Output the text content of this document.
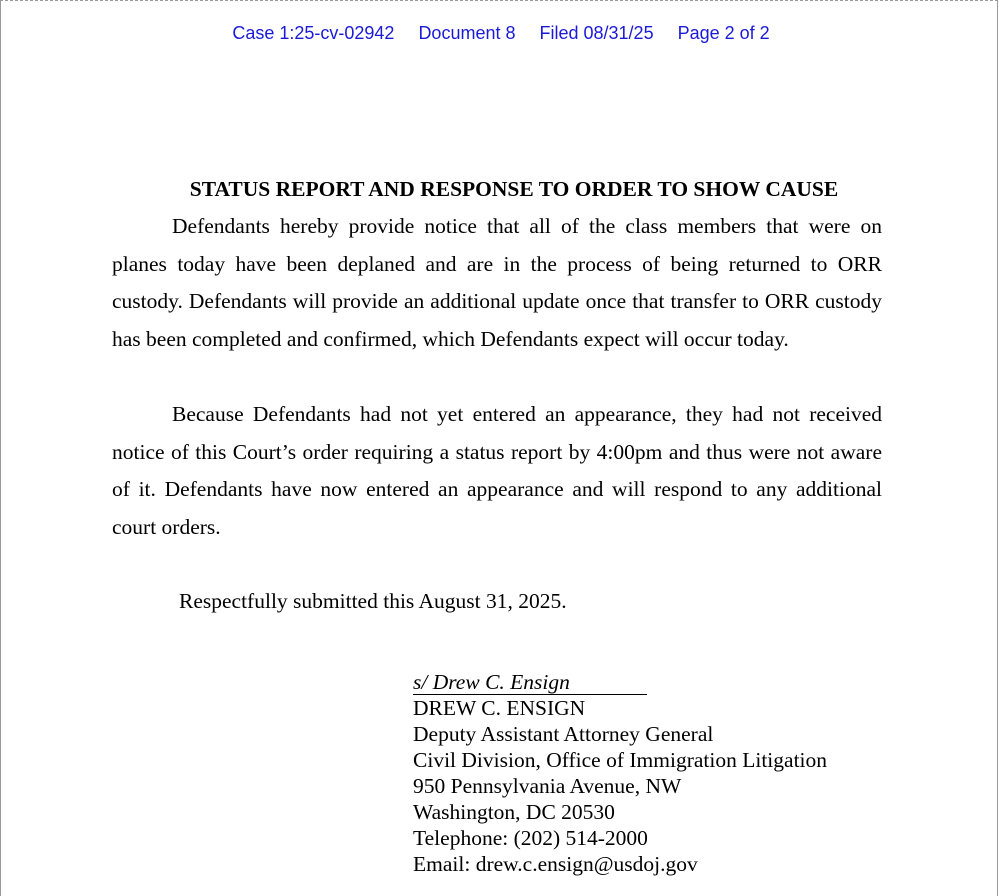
Case 1:25-cv-02942 Document 8 Filed 08/31/25 Page 2 of 2
STATUS REPORT AND RESPONSE TO ORDER TO SHOW CAUSE
Defendants hereby provide notice that all of the class members that were on planes today have been deplaned and are in the process of being returned to ORR custody. Defendants will provide an additional update once that transfer to ORR custody has been completed and confirmed, which Defendants expect will occur today.
Because Defendants had not yet entered an appearance, they had not received notice of this Court’s order requiring a status report by 4:00pm and thus were not aware of it. Defendants have now entered an appearance and will respond to any additional court orders.
Respectfully submitted this August 31, 2025.
s/ Drew C. Ensign
DREW C. ENSIGN
Deputy Assistant Attorney General
Civil Division, Office of Immigration Litigation
950 Pennsylvania Avenue, NW
Washington, DC 20530
Telephone: (202) 514-2000
Email: drew.c.ensign@usdoj.gov
